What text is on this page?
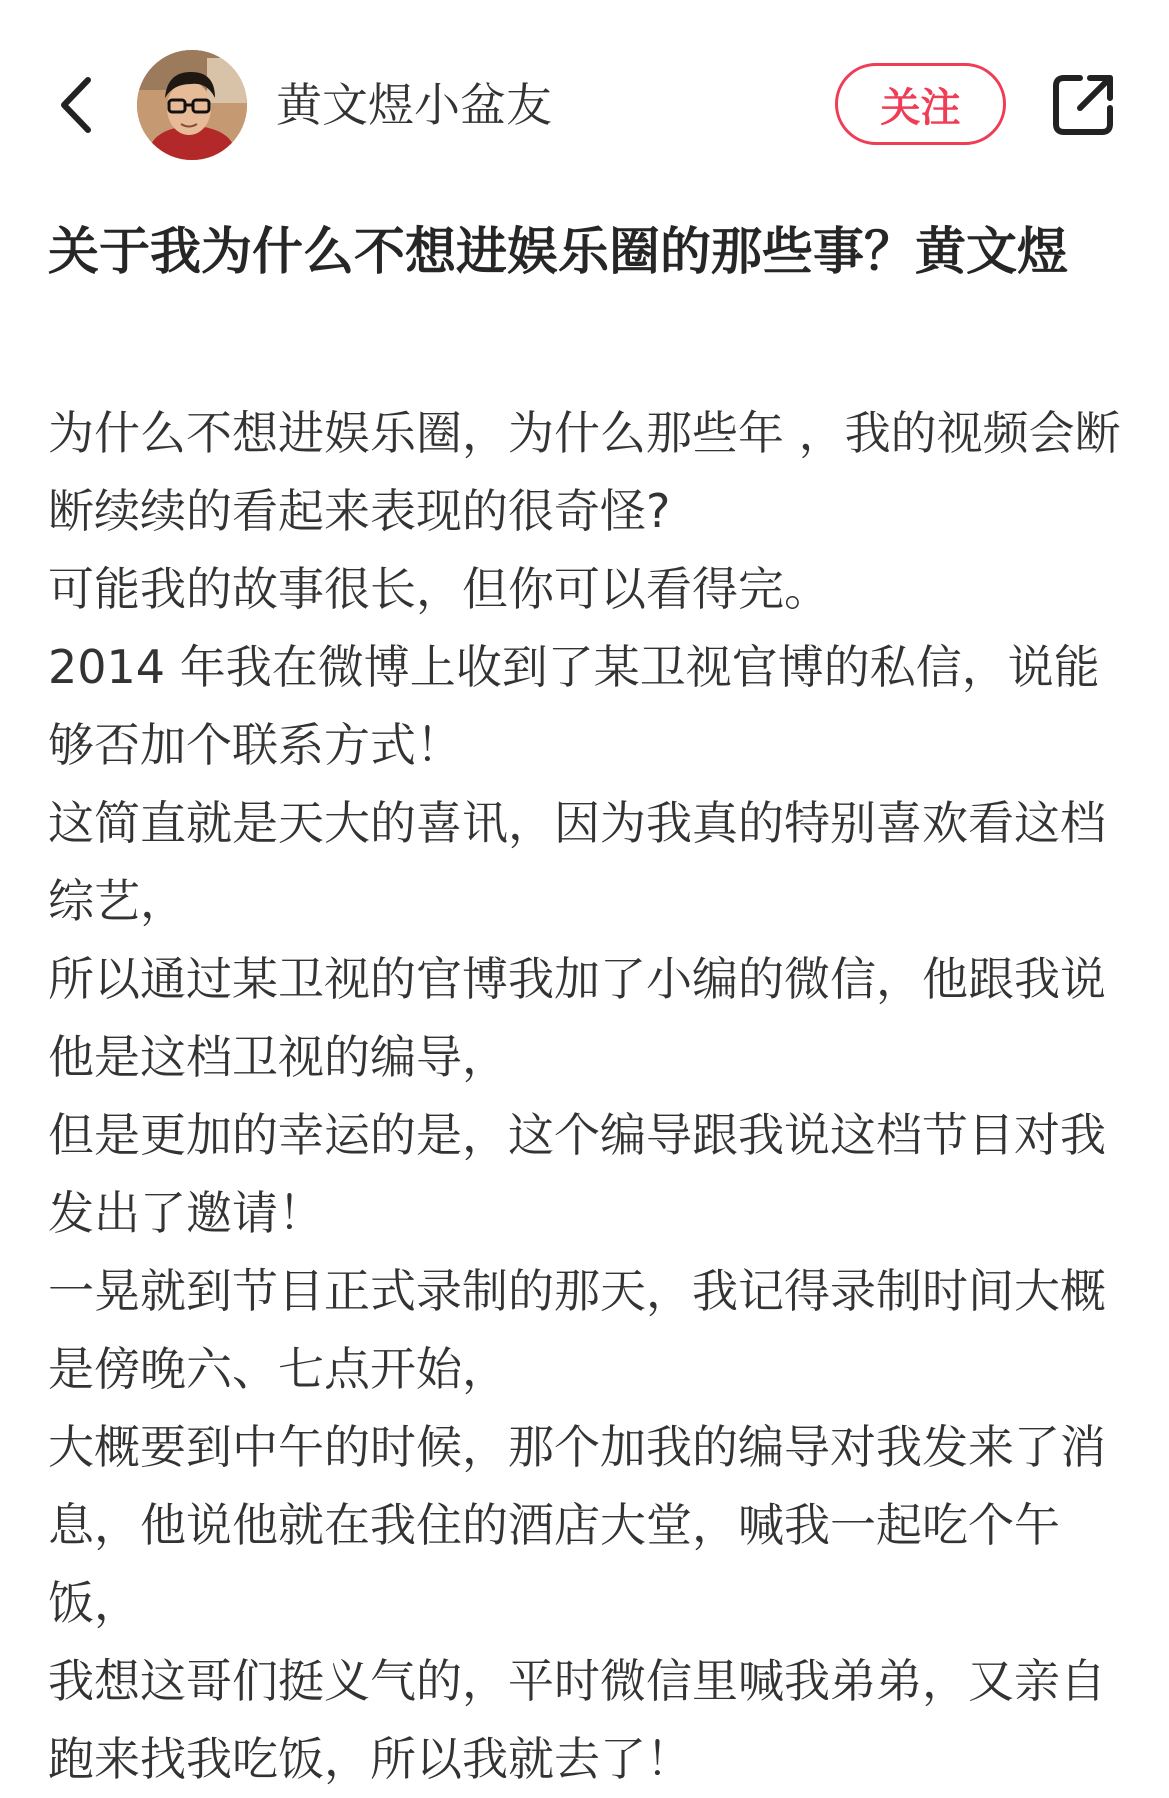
黄文煜小盆友	关注
关于我为什么不想进娱乐圈的那些事？黄文煜

为什么不想进娱乐圈，为什么那些年 ，我的视频会断断续续的看起来表现的很奇怪?

可能我的故事很长，但你可以看得完。

2014 年我在微博上收到了某卫视官博的私信，说能够否加个联系方式！

这简直就是天大的喜讯，因为我真的特别喜欢看这档综艺，

所以通过某卫视的官博我加了小编的微信，他跟我说他是这档卫视的编导，

但是更加的幸运的是，这个编导跟我说这档节目对我发出了邀请！

一晃就到节目正式录制的那天，我记得录制时间大概是傍晚六、七点开始，

大概要到中午的时候，那个加我的编导对我发来了消息，他说他就在我住的酒店大堂，喊我一起吃个午饭，

我想这哥们挺义气的，平时微信里喊我弟弟，又亲自跑来找我吃饭，所以我就去了！
